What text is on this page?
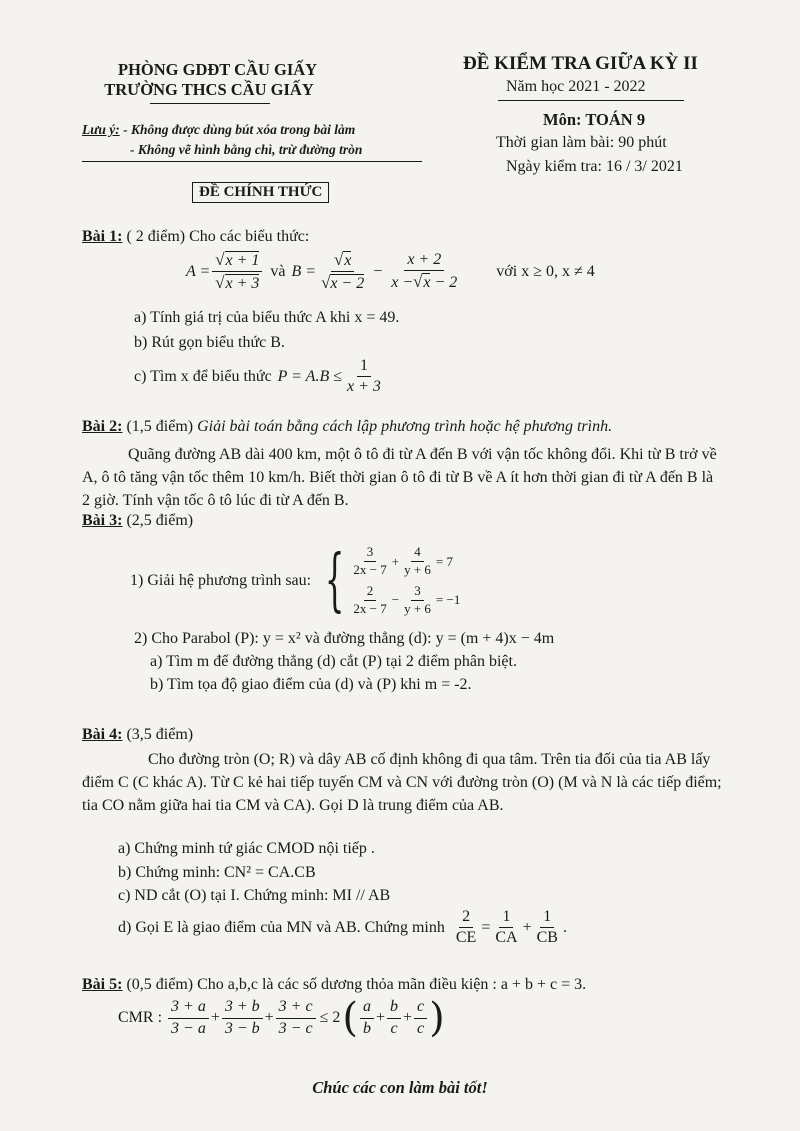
PHÒNG GDĐT CẦU GIẤY
TRƯỜNG THCS CẦU GIẤY
ĐỀ KIỂM TRA GIỮA KỲ II
Năm học 2021 - 2022
Môn: TOÁN 9
Thời gian làm bài: 90 phút
Ngày kiểm tra: 16 / 3/ 2021
Lưu ý: - Không được dùng bút xóa trong bài làm
- Không vẽ hình bằng chì, trừ đường tròn
ĐỀ CHÍNH THỨC
Bài 1: ( 2 điểm) Cho các biểu thức:
$A = \frac{√x + 1}{√x + 3}$ và $B = \frac{√x}{√x - 2} - \frac{x + 2}{x -√x - 2}$ với x ≥ 0, x ≠ 4
a) Tính giá trị của biểu thức A khi x = 49.
b) Rút gọn biểu thức B.
c) Tìm x để biểu thức $P = A.B \le \frac{1}{x + 3}$
Bài 2: (1,5 điểm) Giải bài toán bằng cách lập phương trình hoặc hệ phương trình.
Quãng đường AB dài 400 km, một ô tô đi từ A đến B với vận tốc không đổi. Khi từ B trở về A, ô tô tăng vận tốc thêm 10 km/h. Biết thời gian ô tô đi từ B về A ít hơn thời gian đi từ A đến B là 2 giờ. Tính vận tốc ô tô lúc đi từ A đến B.
Bài 3: (2,5 điểm)
1) Giải hệ phương trình sau: { $\frac{3}{2x - 7} + \frac{4}{y + 6} = 7$
$\frac{2}{2x - 7} - \frac{3}{y + 6} = -1$
2) Cho Parabol (P): y = x² và đường thẳng (d): y = (m + 4)x − 4m
a) Tìm m để đường thẳng (d) cắt (P) tại 2 điểm phân biệt.
b) Tìm tọa độ giao điểm của (d) và (P) khi m = -2.
Bài 4: (3,5 điểm)
Cho đường tròn (O; R) và dây AB cố định không đi qua tâm. Trên tia đối của tia AB lấy điểm C (C khác A). Từ C kẻ hai tiếp tuyến CM và CN với đường tròn (O) (M và N là các tiếp điểm; tia CO nằm giữa hai tia CM và CA). Gọi D là trung điểm của AB.
a) Chứng minh tứ giác CMOD nội tiếp .
b) Chứng minh: CN² = CA.CB
c) ND cắt (O) tại I. Chứng minh: MI // AB
d) Gọi E là giao điểm của MN và AB. Chứng minh $\frac{2}{CE} = \frac{1}{CA} + \frac{1}{CB}$ .
Bài 5: (0,5 điểm) Cho a,b,c là các số dương thỏa mãn điều kiện : a + b + c = 3.
CMR : $\frac{3 + a}{3 - a} + \frac{3 + b}{3 - b} + \frac{3 + c}{3 - c} \le 2$ ( $\frac{a}{b} + \frac{b}{c} + \frac{c}{c}$ )
Chúc các con làm bài tốt!
